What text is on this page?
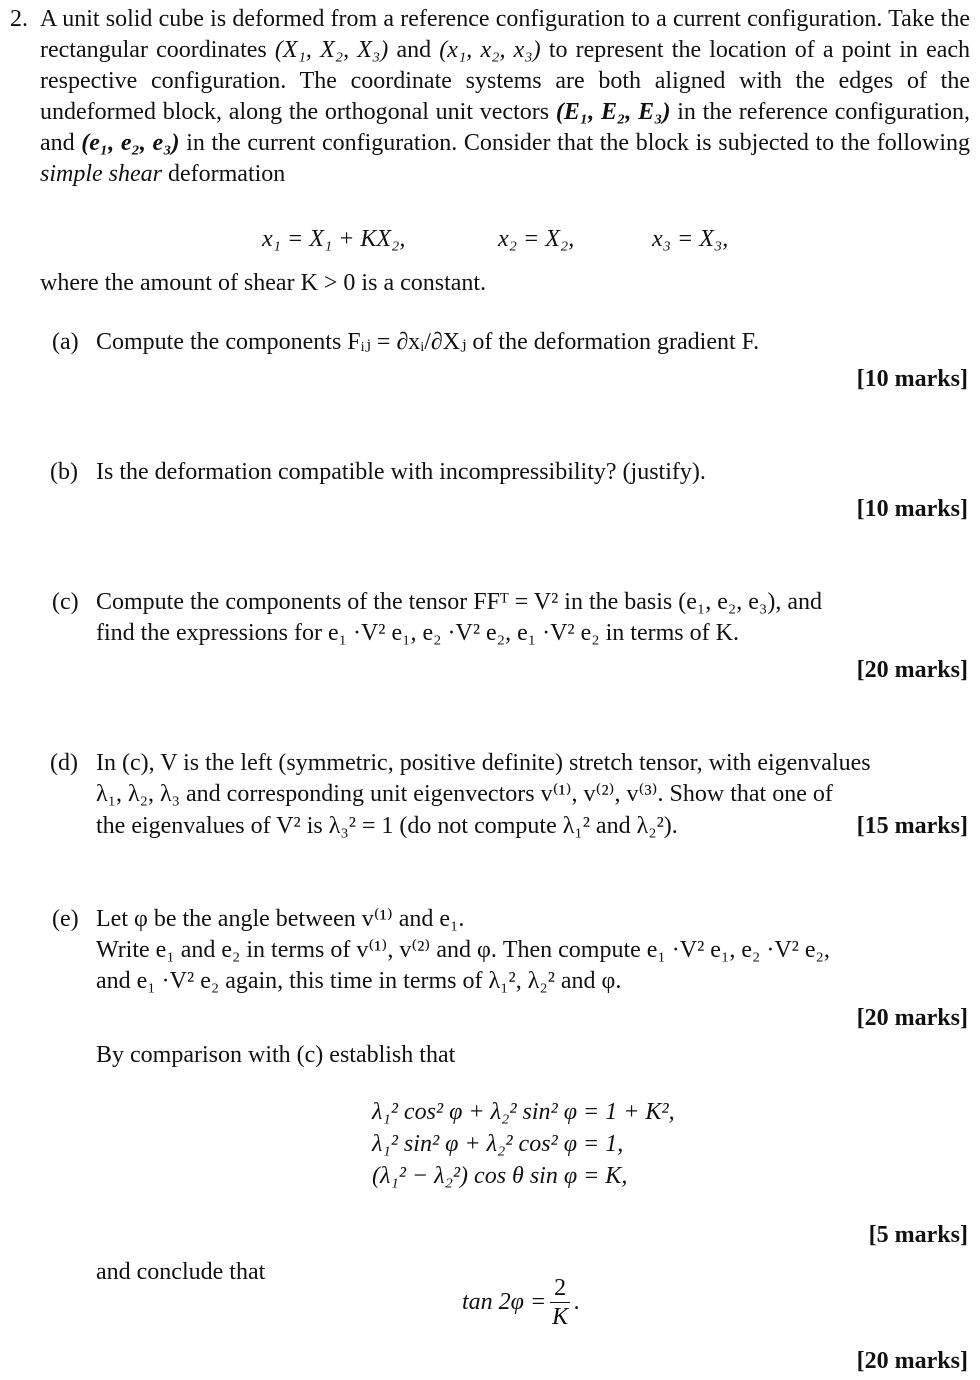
2. A unit solid cube is deformed from a reference configuration to a current configuration. Take the rectangular coordinates (X₁, X₂, X₃) and (x₁, x₂, x₃) to represent the location of a point in each respective configuration. The coordinate systems are both aligned with the edges of the undeformed block, along the orthogonal unit vectors (E₁, E₂, E₃) in the reference configuration, and (e₁, e₂, e₃) in the current configuration. Consider that the block is subjected to the following simple shear deformation
x₁ = X₁ + KX₂,	x₂ = X₂,	x₃ = X₃,
where the amount of shear K > 0 is a constant.
(a) Compute the components Fᵢⱼ = ∂xᵢ/∂Xⱼ of the deformation gradient F.
[10 marks]
(b) Is the deformation compatible with incompressibility? (justify).
[10 marks]
(c) Compute the components of the tensor FFᵀ = V² in the basis (e₁, e₂, e₃), and
find the expressions for e₁ ·V² e₁, e₂ ·V² e₂, e₁ ·V² e₂ in terms of K.
[20 marks]
(d) In (c), V is the left (symmetric, positive definite) stretch tensor, with eigenvalues
λ₁, λ₂, λ₃ and corresponding unit eigenvectors v⁽¹⁾, v⁽²⁾, v⁽³⁾. Show that one of
the eigenvalues of V² is λ₃² = 1 (do not compute λ₁² and λ₂²).	[15 marks]
(e) Let φ be the angle between v⁽¹⁾ and e₁.
Write e₁ and e₂ in terms of v⁽¹⁾, v⁽²⁾ and φ. Then compute e₁ ·V² e₁, e₂ ·V² e₂,
and e₁ ·V² e₂ again, this time in terms of λ₁², λ₂² and φ.
[20 marks]
By comparison with (c) establish that
λ₁² cos² φ + λ₂² sin² φ = 1 + K²,
λ₁² sin² φ + λ₂² cos² φ = 1,
(λ₁² − λ₂²) cos θ sin φ = K,
[5 marks]
and conclude that
$\tan 2\varphi = \frac{2}{K}$ .
[20 marks]
